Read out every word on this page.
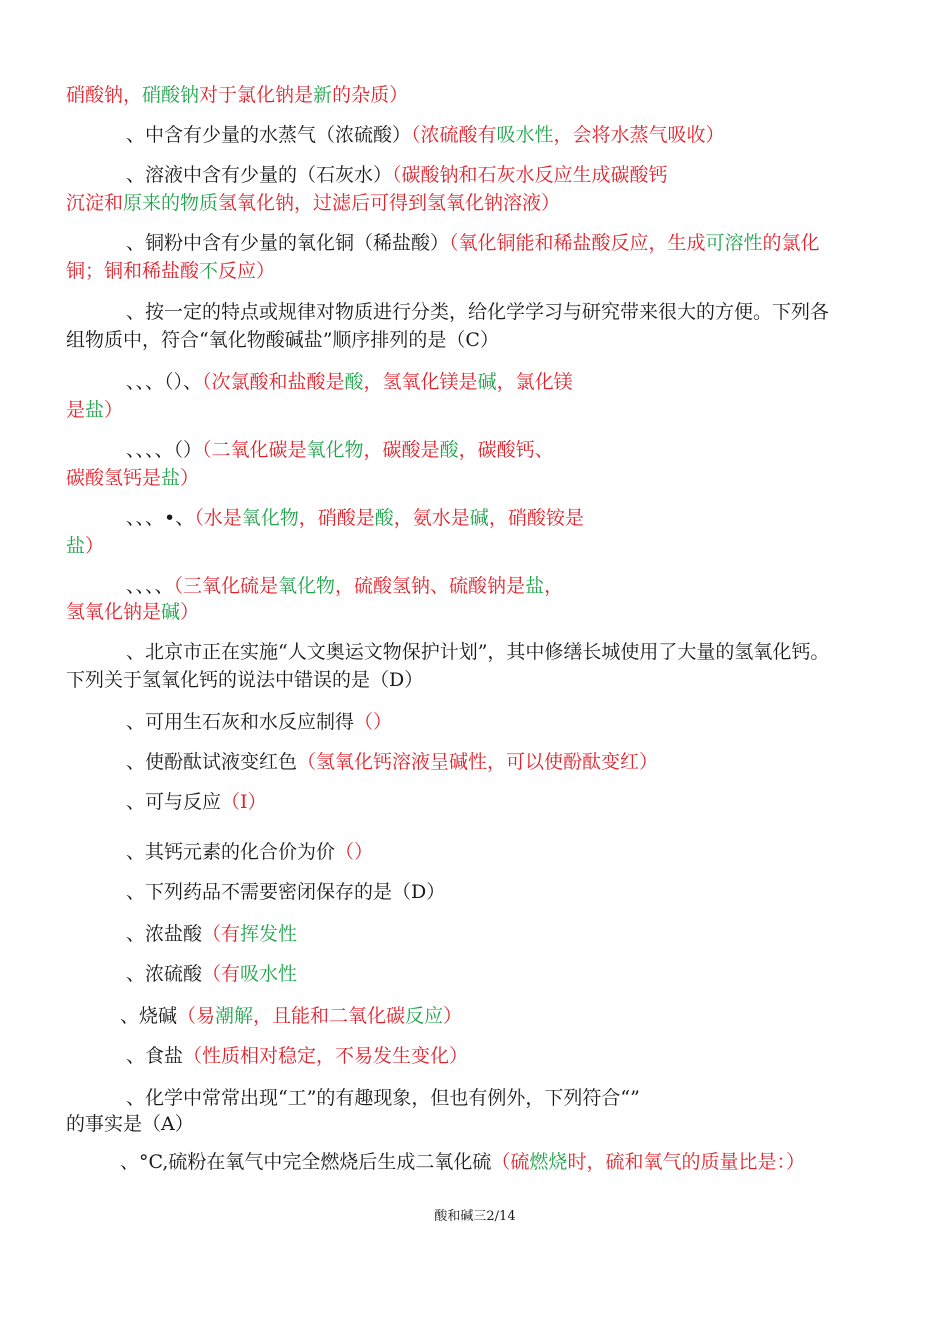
硝酸钠，硝酸钠对于氯化钠是新的杂质）
、中含有少量的水蒸气（浓硫酸）（浓硫酸有吸水性，会将水蒸气吸收）
、溶液中含有少量的（石灰水）（碳酸钠和石灰水反应生成碳酸钙
沉淀和原来的物质氢氧化钠，过滤后可得到氢氧化钠溶液）
、铜粉中含有少量的氧化铜（稀盐酸）（氧化铜能和稀盐酸反应，生成可溶性的氯化
铜；铜和稀盐酸不反应）
、按一定的特点或规律对物质进行分类，给化学学习与研究带来很大的方便。下列各
组物质中，符合“氧化物酸碱盐”顺序排列的是（C）
、、、（）、（次氯酸和盐酸是酸，氢氧化镁是碱，氯化镁
是盐）
、、、、（）（二氧化碳是氧化物，碳酸是酸，碳酸钙、
碳酸氢钙是盐）
、、、•、（水是氧化物，硝酸是酸，氨水是碱，硝酸铵是
盐）
、、、、（三氧化硫是氧化物，硫酸氢钠、硫酸钠是盐，
氢氧化钠是碱）
、北京市正在实施“人文奥运文物保护计划”，其中修缮长城使用了大量的氢氧化钙。
下列关于氢氧化钙的说法中错误的是（D）
、可用生石灰和水反应制得（）
、使酚酞试液变红色（氢氧化钙溶液呈碱性，可以使酚酞变红）
、可与反应（I）
、其钙元素的化合价为价（）
、下列药品不需要密闭保存的是（D）
、浓盐酸（有挥发性
、浓硫酸（有吸水性
、烧碱（易潮解，且能和二氧化碳反应）
、食盐（性质相对稳定，不易发生变化）
、化学中常常出现“工”的有趣现象，但也有例外，下列符合“”
的事实是（A）
、°C,硫粉在氧气中完全燃烧后生成二氧化硫（硫燃烧时，硫和氧气的质量比是：）
酸和碱三2/14
